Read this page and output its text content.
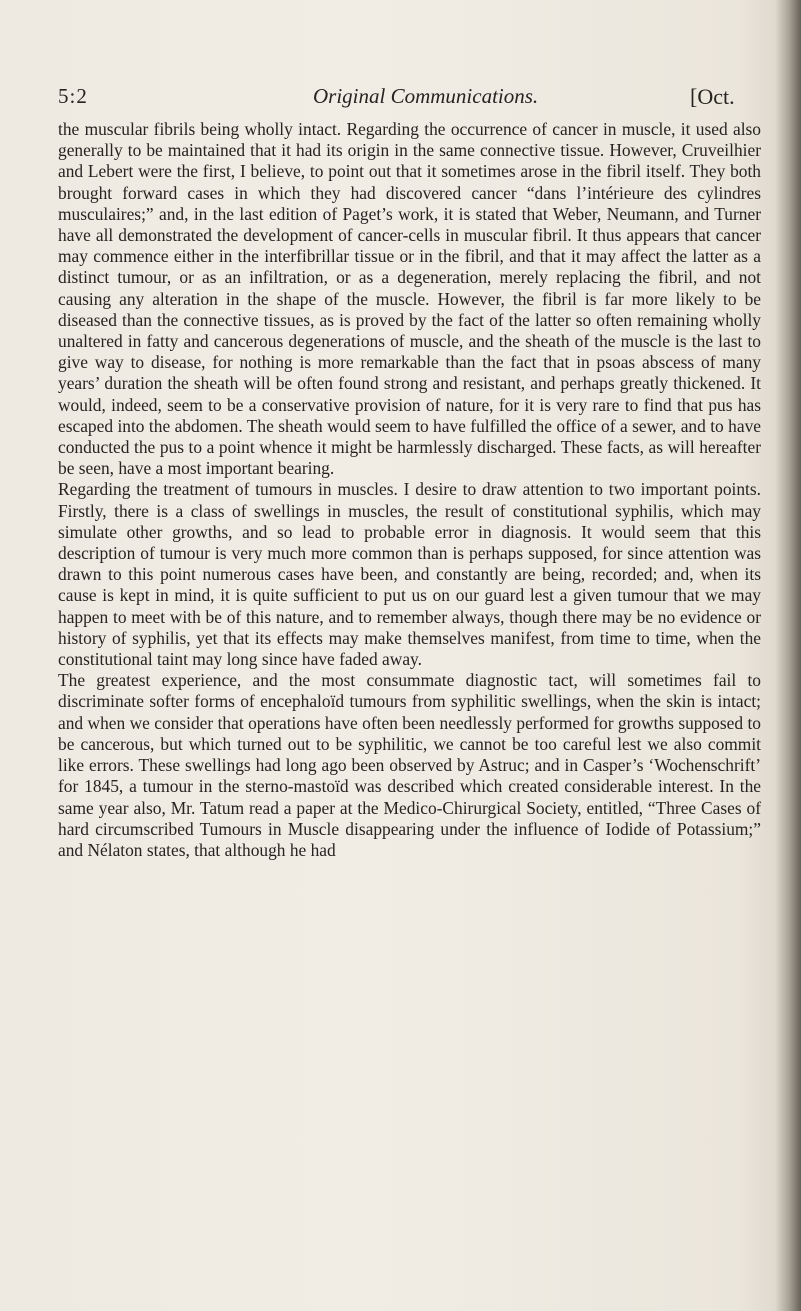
5:2	Original Communications.	[Oct.

the muscular fibrils being wholly intact. Regarding the occurrence of cancer in muscle, it used also generally to be maintained that it had its origin in the same connective tissue. However, Cruveilhier and Lebert were the first, I believe, to point out that it sometimes arose in the fibril itself. They both brought forward cases in which they had discovered cancer “dans l’intérieure des cylindres musculaires;” and, in the last edition of Paget’s work, it is stated that Weber, Neumann, and Turner have all demonstrated the development of cancer-cells in muscular fibril. It thus appears that cancer may commence either in the interfibrillar tissue or in the fibril, and that it may affect the latter as a distinct tumour, or as an infiltration, or as a degeneration, merely replacing the fibril, and not causing any alteration in the shape of the muscle. However, the fibril is far more likely to be diseased than the connective tissues, as is proved by the fact of the latter so often remaining wholly unaltered in fatty and cancerous degenerations of muscle, and the sheath of the muscle is the last to give way to disease, for nothing is more remarkable than the fact that in psoas abscess of many years’ duration the sheath will be often found strong and resistant, and perhaps greatly thickened. It would, indeed, seem to be a conservative provision of nature, for it is very rare to find that pus has escaped into the abdomen. The sheath would seem to have fulfilled the office of a sewer, and to have conducted the pus to a point whence it might be harmlessly discharged. These facts, as will hereafter be seen, have a most important bearing.

Regarding the treatment of tumours in muscles. I desire to draw attention to two important points. Firstly, there is a class of swellings in muscles, the result of constitutional syphilis, which may simulate other growths, and so lead to probable error in diagnosis. It would seem that this description of tumour is very much more common than is perhaps supposed, for since attention was drawn to this point numerous cases have been, and constantly are being, recorded; and, when its cause is kept in mind, it is quite sufficient to put us on our guard lest a given tumour that we may happen to meet with be of this nature, and to remember always, though there may be no evidence or history of syphilis, yet that its effects may make themselves manifest, from time to time, when the constitutional taint may long since have faded away.

The greatest experience, and the most consummate diagnostic tact, will sometimes fail to discriminate softer forms of encephaloïd tumours from syphilitic swellings, when the skin is intact; and when we consider that operations have often been needlessly performed for growths supposed to be cancerous, but which turned out to be syphilitic, we cannot be too careful lest we also commit like errors. These swellings had long ago been observed by Astruc; and in Casper’s ‘Wochenschrift’ for 1845, a tumour in the sterno-mastoïd was described which created considerable interest. In the same year also, Mr. Tatum read a paper at the Medico-Chirurgical Society, entitled, “Three Cases of hard circumscribed Tumours in Muscle disappearing under the influence of Iodide of Potassium;” and Nélaton states, that although he had
